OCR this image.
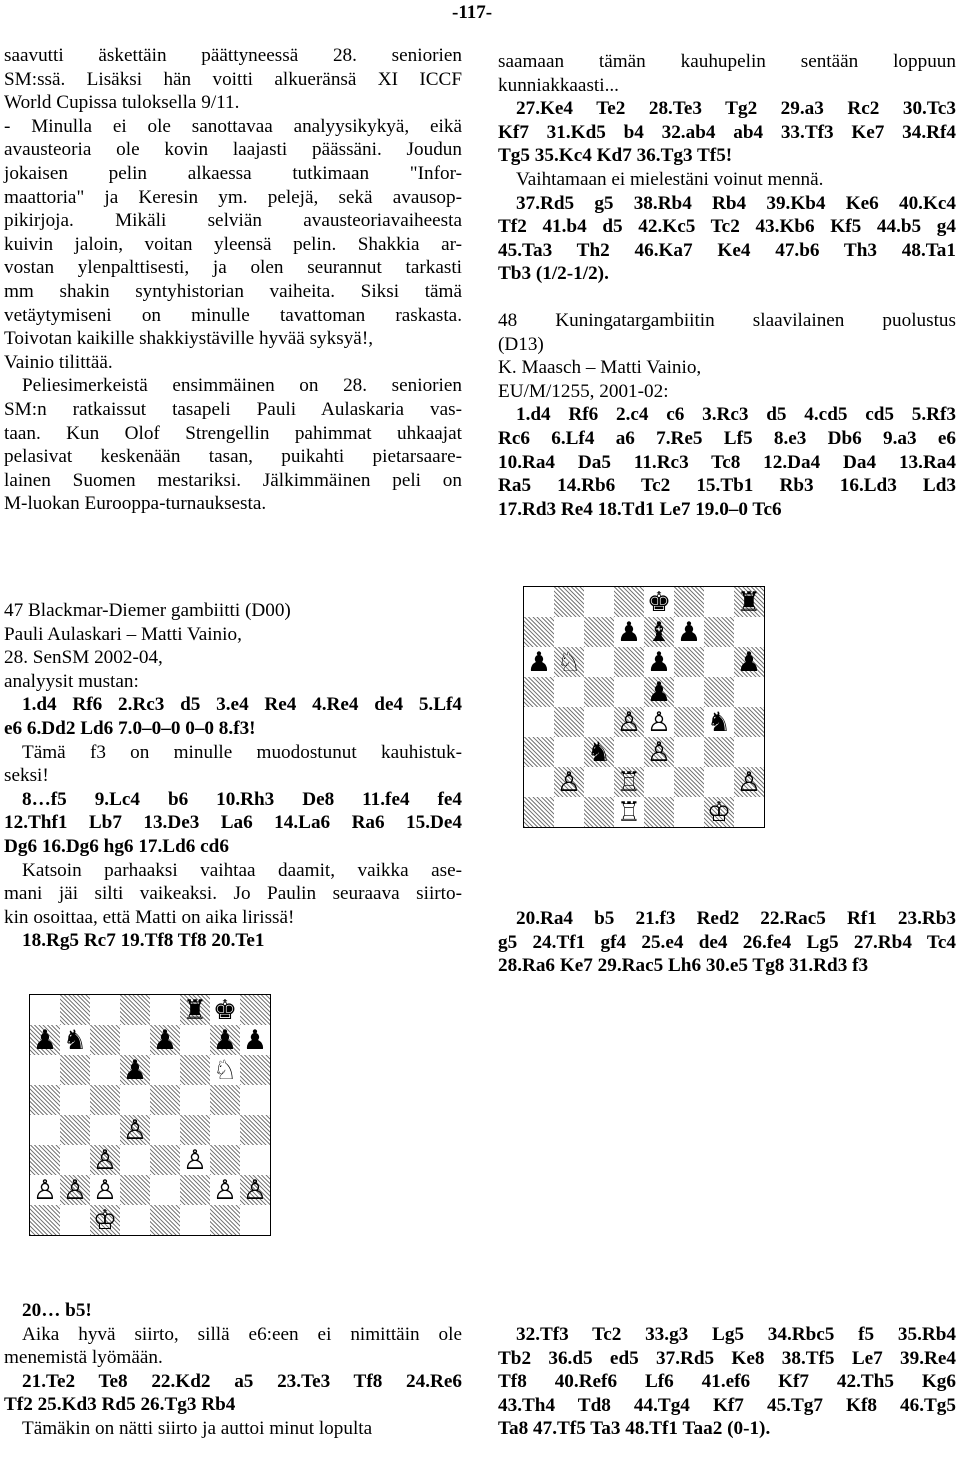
-117-

saavutti äskettäin päättyneessä 28. seniorien

SM:ssä. Lisäksi hän voitti alkueränsä XI ICCF

World Cupissa tuloksella 9/11.

- Minulla ei ole sanottavaa analyysikykyä, eikä

avausteoria ole kovin laajasti päässäni. Joudun

jokaisen pelin alkaessa tutkimaan "Infor-

maattoria" ja Keresin ym. pelejä, sekä avausop-

pikirjoja. Mikäli selviän avausteoriavaiheesta

kuivin jaloin, voitan yleensä pelin. Shakkia ar-

vostan ylenpalttisesti, ja olen seurannut tarkasti

mm shakin syntyhistorian vaiheita. Siksi tämä

vetäytymiseni on minulle tavattoman raskasta.

Toivotan kaikille shakkiystäville hyvää syksyä!,

Vainio tilittää.

Peliesimerkeistä ensimmäinen on 28. seniorien

SM:n ratkaissut tasapeli Pauli Aulaskaria vas-

taan. Kun Olof Strengellin pahimmat uhkaajat

pelasivat keskenään tasan, puikahti pietarsaare-

lainen Suomen mestariksi. Jälkimmäinen peli on

M-luokan Eurooppa-turnauksesta.

47 Blackmar-Diemer gambiitti (D00)

Pauli Aulaskari – Matti Vainio,

28. SenSM 2002-04,

analyysit mustan:

1.d4 Rf6 2.Rc3 d5 3.e4 Re4 4.Re4 de4 5.Lf4

e6 6.Dd2 Ld6 7.0–0–0 0–0 8.f3!

Tämä f3 on minulle muodostunut kauhistuk-

seksi!

8…f5 9.Lc4 b6 10.Rh3 De8 11.fe4 fe4

12.Thf1 Lb7 13.De3 La6 14.La6 Ra6 15.De4

Dg6 16.Dg6 hg6 17.Ld6 cd6

Katsoin parhaaksi vaihtaa daamit, vaikka ase-

mani jäi silti vaikeaksi. Jo Paulin seuraava siirto-

kin osoittaa, että Matti on aika lirissä!

18.Rg5 Rc7 19.Tf8 Tf8 20.Te1

♜ ♚
♟ ♞ ♟ ♟ ♟
♟ ♘
♙
♙ ♙
♙ ♙ ♙	♙ ♙
♔

20… b5!

Aika hyvä siirto, sillä e6:een ei nimittäin ole

menemistä lyömään.

21.Te2 Te8 22.Kd2 a5 23.Te3 Tf8 24.Re6

Tf2 25.Kd3 Rd5 26.Tg3 Rb4

Tämäkin on nätti siirto ja auttoi minut lopulta

saamaan tämän kauhupelin sentään loppuun

kunniakkaasti...

27.Ke4 Te2 28.Te3 Tg2 29.a3 Rc2 30.Tc3

Kf7 31.Kd5 b4 32.ab4 ab4 33.Tf3 Ke7 34.Rf4

Tg5 35.Kc4 Kd7 36.Tg3 Tf5!

Vaihtamaan ei mielestäni voinut mennä.

37.Rd5 g5 38.Rb4 Rb4 39.Kb4 Ke6 40.Kc4

Tf2 41.b4 d5 42.Kc5 Tc2 43.Kb6 Kf5 44.b5 g4

45.Ta3 Th2 46.Ka7 Ke4 47.b6 Th3 48.Ta1

Tb3 (1/2-1/2).

48 Kuningatargambiitin slaavilainen puolustus

(D13)

K. Maasch – Matti Vainio,

EU/M/1255, 2001-02:

1.d4 Rf6 2.c4 c6 3.Rc3 d5 4.cd5 cd5 5.Rf3

Rc6 6.Lf4 a6 7.Re5 Lf5 8.e3 Db6 9.a3 e6

10.Ra4 Da5 11.Rc3 Tc8 12.Da4 Da4 13.Ra4

Ra5 14.Rb6 Tc2 15.Tb1 Rb3 16.Ld3 Ld3

17.Rd3 Re4 18.Td1 Le7 19.0–0 Tc6

♚ ♜
♟ ♝ ♟
♟ ♘ ♟ ♟
♟
♙ ♙ ♞
♞ ♙
♙ ♖	♙
♖ ♔

20.Ra4 b5 21.f3 Red2 22.Rac5 Rf1 23.Rb3

g5 24.Tf1 gf4 25.e4 de4 26.fe4 Lg5 27.Rb4 Tc4

28.Ra6 Ke7 29.Rac5 Lh6 30.e5 Tg8 31.Rd3 f3

32.Tf3 Tc2 33.g3 Lg5 34.Rbc5 f5 35.Rb4

Tb2 36.d5 ed5 37.Rd5 Ke8 38.Tf5 Le7 39.Re4

Tf8 40.Ref6 Lf6 41.ef6 Kf7 42.Th5 Kg6

43.Th4 Td8 44.Tg4 Kf7 45.Tg7 Kf8 46.Tg5

Ta8 47.Tf5 Ta3 48.Tf1 Taa2 (0-1).
